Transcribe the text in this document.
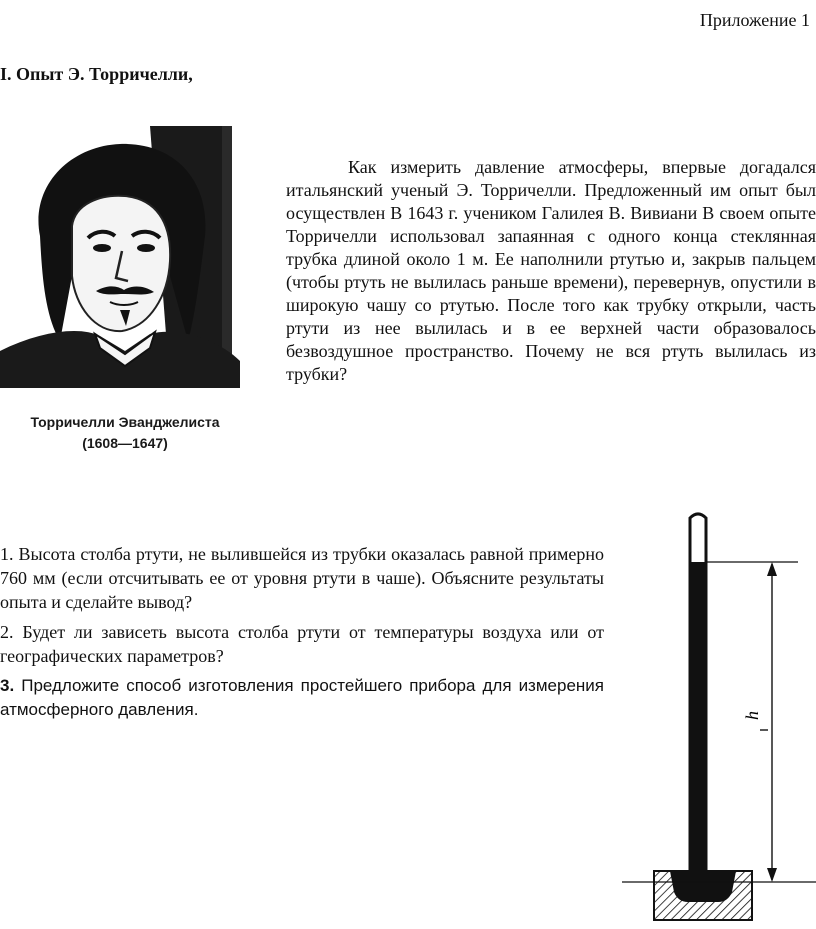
Приложение 1
I. Опыт Э. Торричелли,
Торричелли Эванджелиста
(1608—1647)

Как измерить давление атмосферы, впервые догадался итальянский ученый Э. Торричелли. Предложенный им опыт был осуществлен В 1643 г. учеником Галилея В. Вивиани В своем опыте Торричелли использовал запаянная с одного конца стеклянная трубка длиной около 1 м. Ее наполнили ртутью и, закрыв пальцем (чтобы ртуть не вылилась раньше времени), перевернув, опустили в широкую чашу со ртутью. После того как трубку открыли, часть ртути из нее вылилась и в ее верхней части образовалось безвоздушное пространство. Почему не вся ртуть вылилась из трубки?

1. Высота столба ртути, не вылившейся из трубки оказалась равной примерно 760 мм (если отсчитывать ее от уровня ртути в чаше). Объясните результаты опыта и сделайте вывод?
2. Будет ли зависеть высота столба ртути от температуры воздуха или от географических параметров?
3. Предложите способ изготовления простейшего прибора для измерения атмосферного давления.	h
